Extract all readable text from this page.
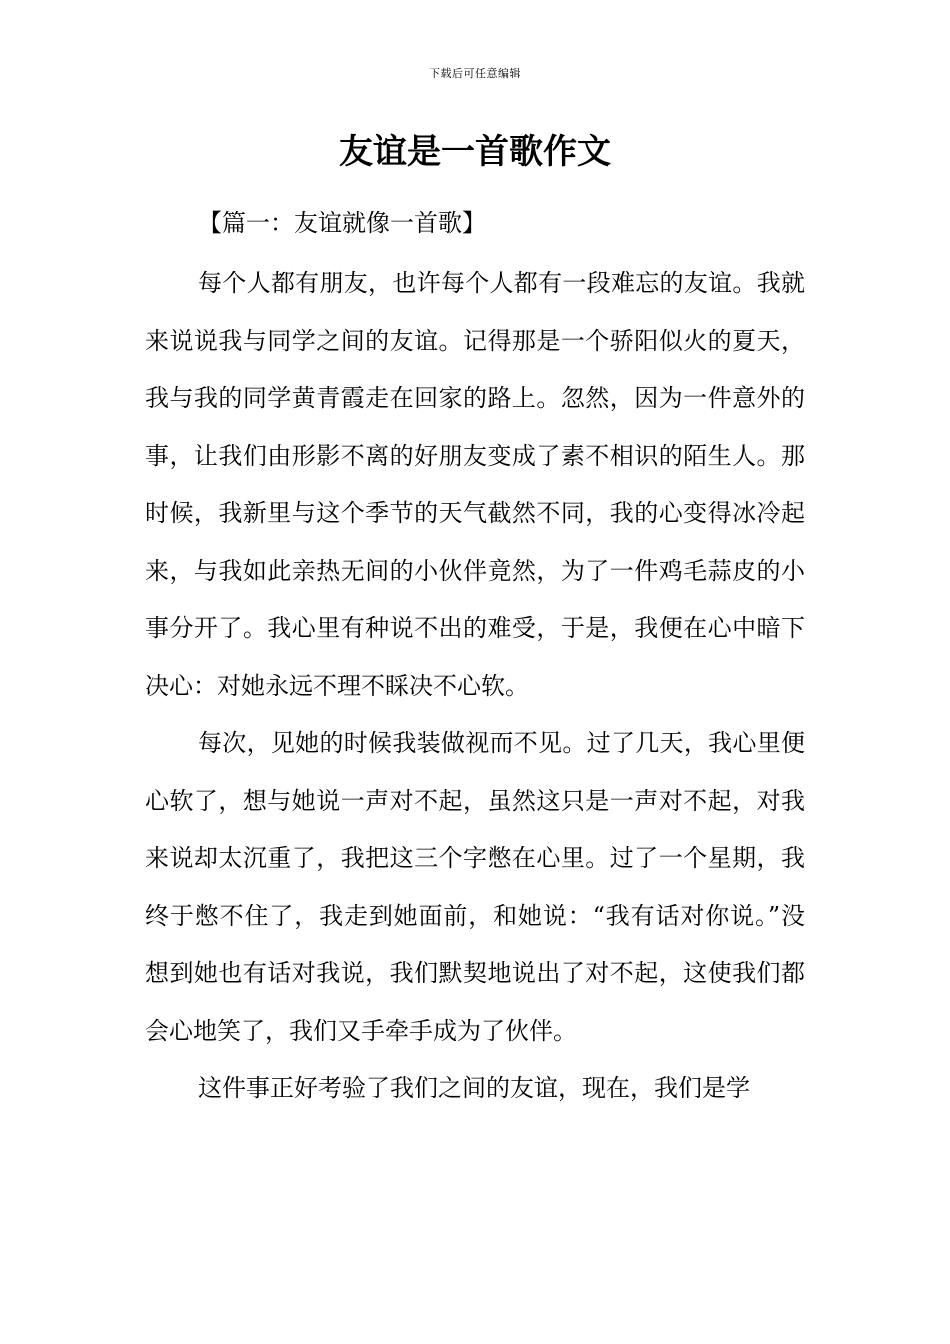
下载后可任意编辑
友谊是一首歌作文
【篇一：友谊就像一首歌】

每个人都有朋友，也许每个人都有一段难忘的友谊。我就来说说我与同学之间的友谊。记得那是一个骄阳似火的夏天，我与我的同学黄青霞走在回家的路上。忽然，因为一件意外的事，让我们由形影不离的好朋友变成了素不相识的陌生人。那时候，我新里与这个季节的天气截然不同，我的心变得冰冷起来，与我如此亲热无间的小伙伴竟然，为了一件鸡毛蒜皮的小事分开了。我心里有种说不出的难受，于是，我便在心中暗下决心：对她永远不理不睬决不心软。

每次，见她的时候我装做视而不见。过了几天，我心里便心软了，想与她说一声对不起，虽然这只是一声对不起，对我来说却太沉重了，我把这三个字憋在心里。过了一个星期，我终于憋不住了，我走到她面前，和她说：“我有话对你说。”没想到她也有话对我说，我们默契地说出了对不起，这使我们都会心地笑了，我们又手牵手成为了伙伴。

这件事正好考验了我们之间的友谊，现在，我们是学
